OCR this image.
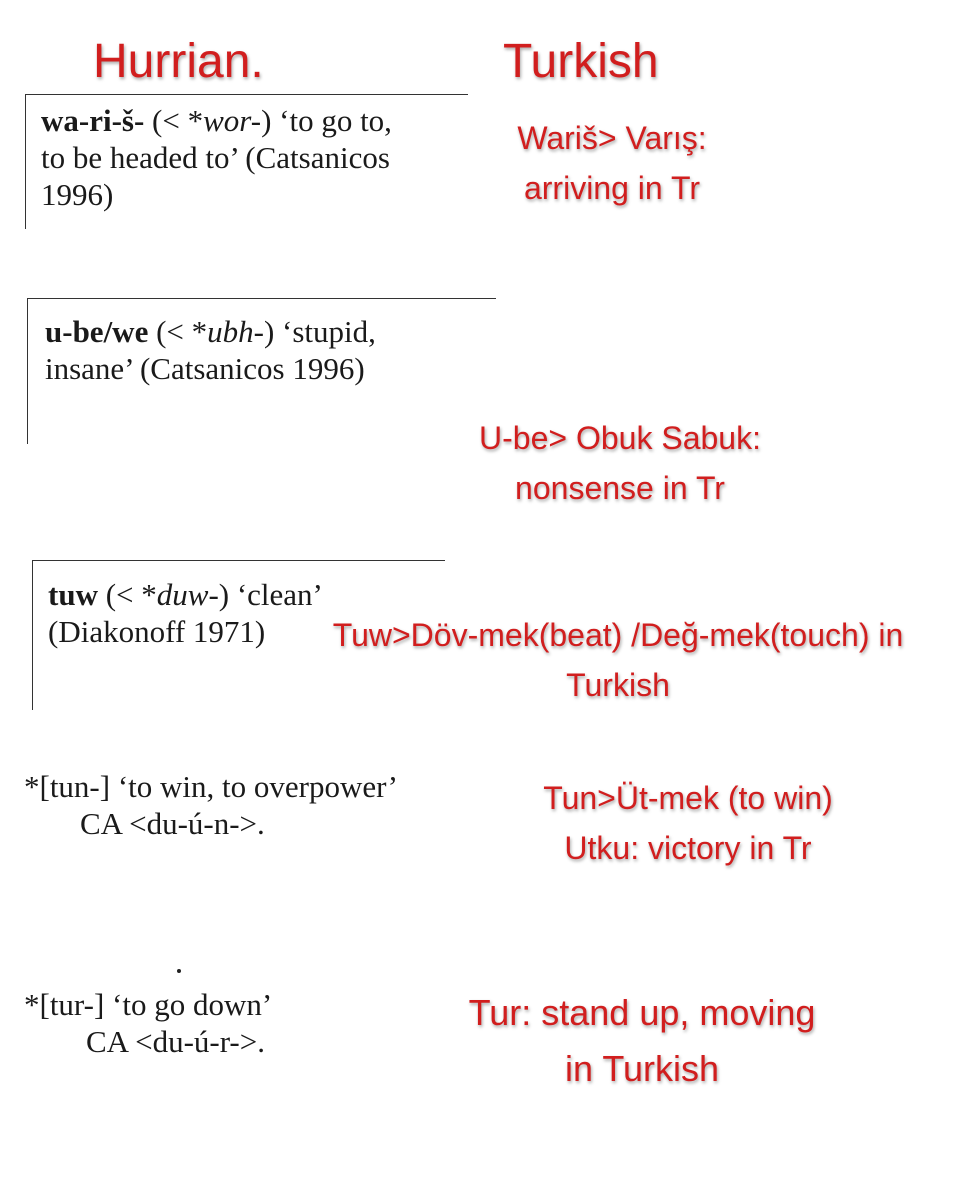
Hurrian.	Turkish
wa-ri-š- (< *wor-) ‘to go to,
to be headed to’ (Catsanicos
1996)
Wariš> Varış:
arriving in Tr
u-be/we (< *ubh-) ‘stupid,
insane’ (Catsanicos 1996)
U-be> Obuk Sabuk:
nonsense in Tr
tuw (< *duw-) ‘clean’
(Diakonoff 1971)	Tuw>Döv-mek(beat) /Değ-mek(touch) in
Turkish
*[tun-] ‘to win, to overpower’
CA <du-ú-n->.
Tun>Üt-mek (to win)
Utku: victory in Tr
*[tur-] ‘to go down’
CA <du-ú-r->.
Tur: stand up, moving
in Turkish
